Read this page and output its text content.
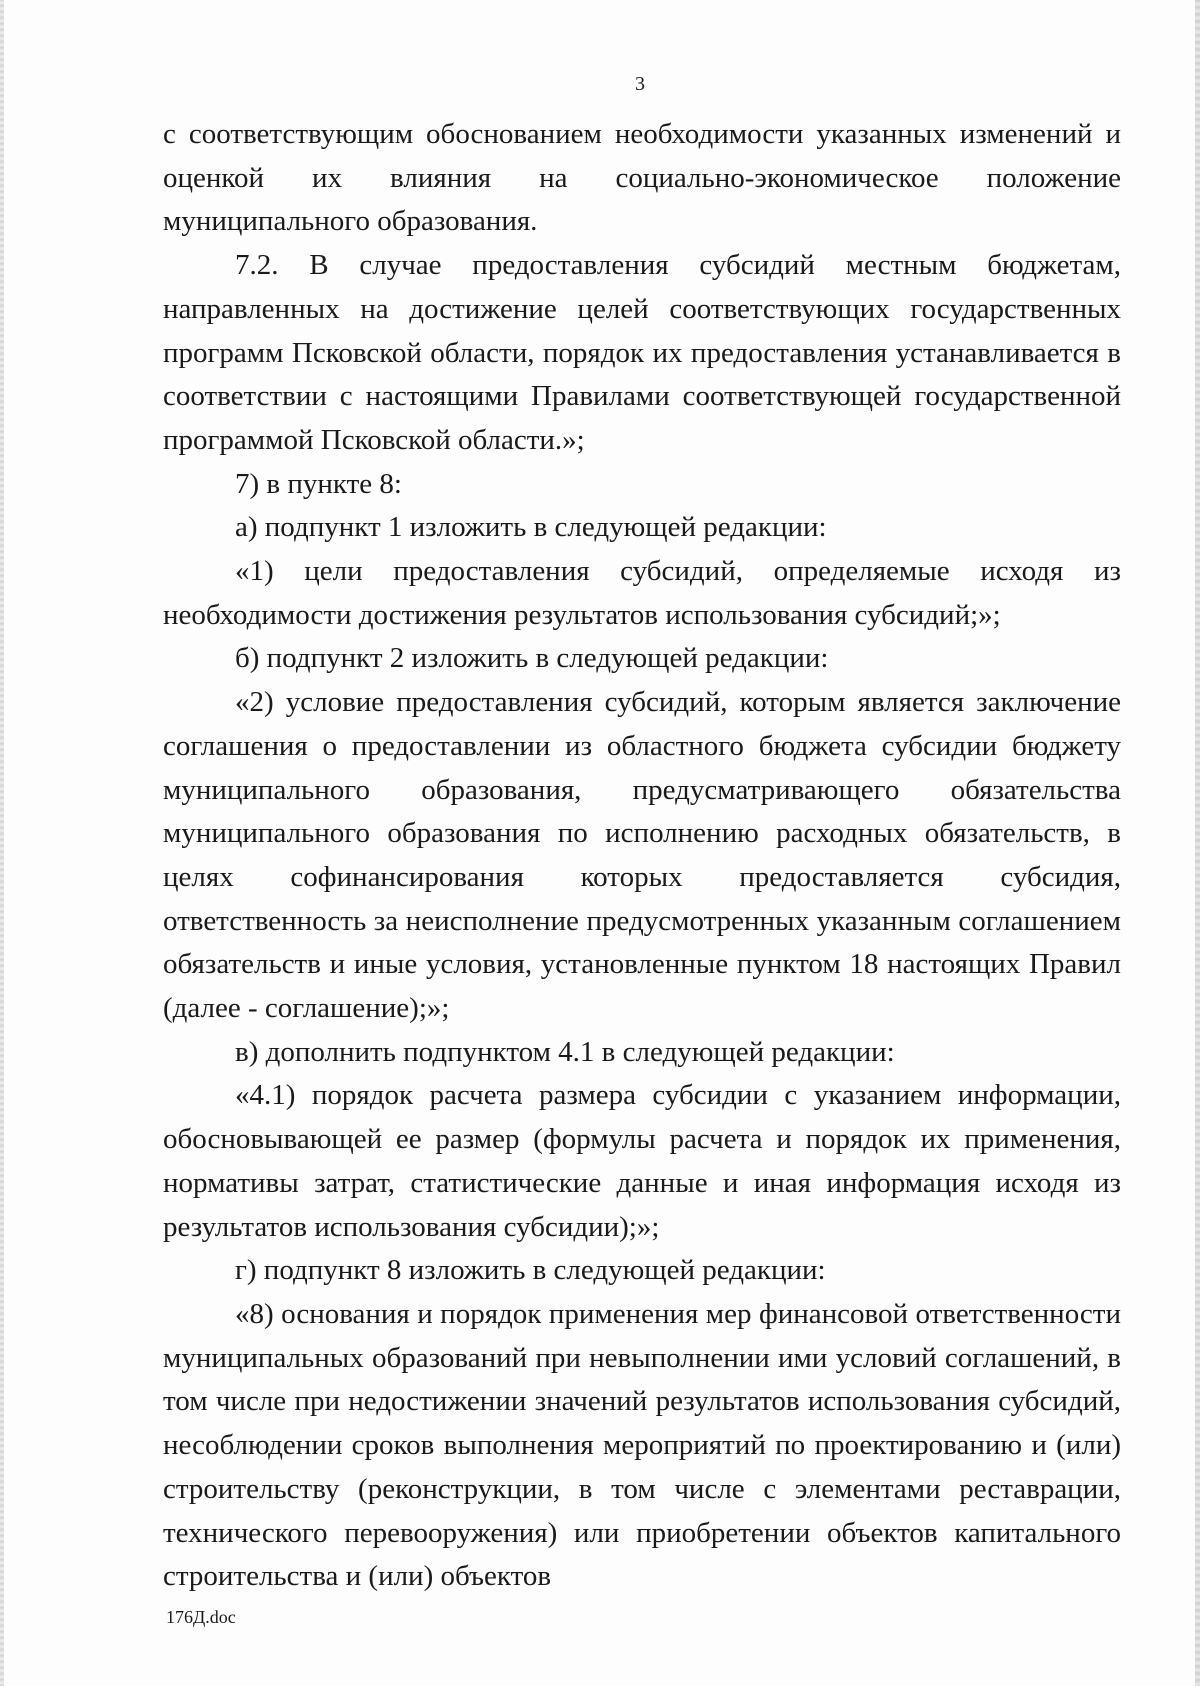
3

с соответствующим обоснованием необходимости указанных изменений и оценкой их влияния на социально-экономическое положение муниципального образования.

7.2. В случае предоставления субсидий местным бюджетам, направленных на достижение целей соответствующих государственных программ Псковской области, порядок их предоставления устанавливается в соответствии с настоящими Правилами соответствующей государственной программой Псковской области.»;

7) в пункте 8:

а) подпункт 1 изложить в следующей редакции:

«1) цели предоставления субсидий, определяемые исходя из необходимости достижения результатов использования субсидий;»;

б) подпункт 2 изложить в следующей редакции:

«2) условие предоставления субсидий, которым является заключение соглашения о предоставлении из областного бюджета субсидии бюджету муниципального образования, предусматривающего обязательства муниципального образования по исполнению расходных обязательств, в целях софинансирования которых предоставляется субсидия, ответственность за неисполнение предусмотренных указанным соглашением обязательств и иные условия, установленные пунктом 18 настоящих Правил (далее - соглашение);»;

в) дополнить подпунктом 4.1 в следующей редакции:

«4.1) порядок расчета размера субсидии с указанием информации, обосновывающей ее размер (формулы расчета и порядок их применения, нормативы затрат, статистические данные и иная информация исходя из результатов использования субсидии);»;

г) подпункт 8 изложить в следующей редакции:

«8) основания и порядок применения мер финансовой ответственности муниципальных образований при невыполнении ими условий соглашений, в том числе при недостижении значений результатов использования субсидий, несоблюдении сроков выполнения мероприятий по проектированию и (или) строительству (реконструкции, в том числе с элементами реставрации, технического перевооружения) или приобретении объектов капитального строительства и (или) объектов

176Д.doc
